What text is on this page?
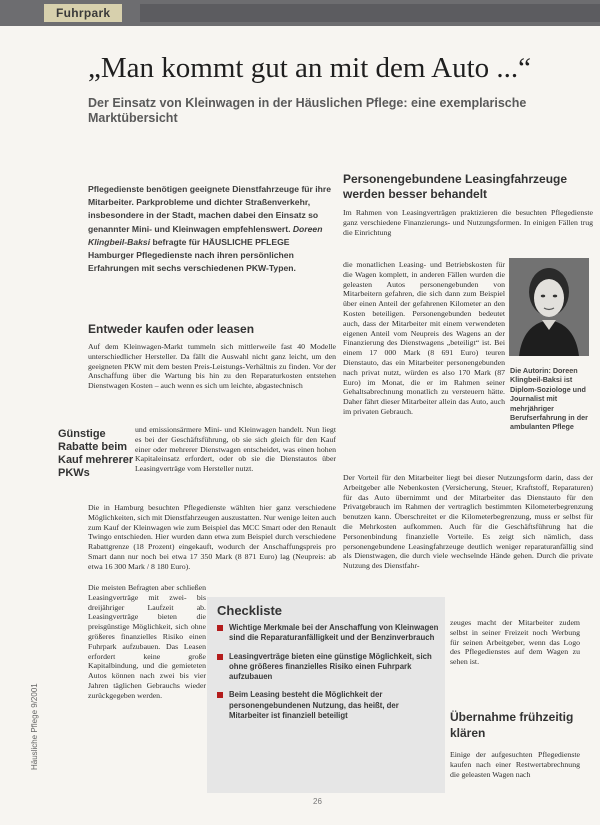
Fuhrpark
„Man kommt gut an mit dem Auto ...“
Der Einsatz von Kleinwagen in der Häuslichen Pflege: eine exemplarische Marktübersicht

Pflegedienste benötigen geeignete Dienstfahrzeuge für ihre Mitarbeiter. Parkprobleme und dichter Straßenverkehr, insbesondere in der Stadt, machen dabei den Einsatz so genannter Mini- und Kleinwagen empfehlenswert. Doreen Klingbeil-Baksi befragte für HÄUSLICHE PFLEGE Hamburger Pflegedienste nach ihren persönlichen Erfahrungen mit sechs verschiedenen PKW-Typen.

Entweder kaufen oder leasen

Auf dem Kleinwagen-Markt tummeln sich mittlerweile fast 40 Modelle unterschiedlicher Hersteller. Da fällt die Auswahl nicht ganz leicht, um den geeigneten PKW mit dem besten Preis-Leistungs-Verhältnis zu finden. Vor der Anschaffung über die Wartung bis hin zu den Reparaturkosten entstehen Dienstwagen Kosten – auch wenn es sich um leichte, abgastechnisch

und emissionsärmere Mini- und Kleinwagen handelt. Nun liegt es bei der Geschäftsführung, ob sie sich gleich für den Kauf einer oder mehrerer Dienstwagen entscheidet, was einen hohen Kapitaleinsatz erfordert, oder ob sie die Dienstautos über Leasingverträge vom Hersteller nutzt.

Die in Hamburg besuchten Pflegedienste wählten hier ganz verschiedene Möglichkeiten, sich mit Dienstfahrzeugen auszustatten. Nur wenige leiten auch zum Kauf der Kleinwagen wie zum Beispiel das MCC Smart oder den Renault Twingo entschieden. Hier wurden dann etwa zum Beispiel durch verschiedene Rabattgrenze (18 Prozent) eingekauft, wodurch der Anschaffungspreis pro Smart dann nur noch bei etwa 17 350 Mark (8 871 Euro) lag (Neupreis: ab etwa 16 300 Mark / 8 180 Euro).

Die meisten Befragten aber schließen Leasingverträge mit zwei- bis dreijähriger Laufzeit ab. Leasingverträge bieten die preisgünstige Möglichkeit, sich ohne größeres finanzielles Risiko einen Fuhrpark aufzubauen. Das Leasen erfordert keine große Kapitalbindung, und die gemieteten Autos können nach zwei bis vier Jahren täglichen Gebrauchs wieder zurückgegeben werden.

Günstige Rabatte beim Kauf mehrerer PKWs
Häusliche Pflege 9/2001
Personengebundene Leasingfahrzeuge werden besser behandelt

Im Rahmen von Leasingverträgen praktizieren die besuchten Pflegedienste ganz verschiedene Finanzierungs- und Nutzungsformen. In einigen Fällen trug die Einrichtung

die monatlichen Leasing- und Betriebskosten für die Wagen komplett, in anderen Fällen wurden die geleasten Autos personengebunden von Mitarbeitern gefahren, die sich dann zum Beispiel über einen Anteil der gefahrenen Kilometer an den Kosten beteiligen. Personengebunden bedeutet auch, dass der Mitarbeiter mit einem verwendeten eigenen Anteil vom Neupreis des Wagens an der Finanzierung des Dienstwagens „beteiligt“ ist. Bei einem 17 000 Mark (8 691 Euro) teuren Dienstauto, das ein Mitarbeiter personengebunden nach privat nutzt, würden es also 170 Mark (87 Euro) im Monat, die er im Rahmen seiner Gehaltsabrechnung monatlich zu versteuern hätte. Daher fährt dieser Mitarbeiter allein das Auto, auch im privaten Gebrauch.

Der Vorteil für den Mitarbeiter liegt bei dieser Nutzungsform darin, dass der Arbeitgeber alle Nebenkosten (Versicherung, Steuer, Kraftstoff, Reparaturen) für das Auto übernimmt und der Mitarbeiter das Dienstauto für den Privatgebrauch im Rahmen der vertraglich bestimmten Kilometerbegrenzung benutzen kann. Überschreitet er die Kilometerbegrenzung, muss er selbst für die Mehrkosten aufkommen. Auch für die Geschäftsführung hat die Personenbindung finanzielle Vorteile. Es zeigt sich nämlich, dass personengebundene Leasingfahrzeuge deutlich weniger reparaturanfällig sind als Dienstwagen, die durch viele wechselnde Hände gehen. Durch die private Nutzung des Dienstfahr-

zeuges macht der Mitarbeiter zudem selbst in seiner Freizeit noch Werbung für seinen Arbeitgeber, wenn das Logo des Pflegedienstes auf dem Wagen zu sehen ist.

Die Autorin: Doreen Klingbeil-Baksi ist Diplom-Soziologe und Journalist mit mehrjähriger Berufserfahrung in der ambulanten Pflege

Checkliste
Wichtige Merkmale bei der Anschaffung von Kleinwagen sind die Reparaturanfälligkeit und der Benzinverbrauch
Leasingverträge bieten eine günstige Möglichkeit, sich ohne größeres finanzielles Risiko einen Fuhrpark aufzubauen
Beim Leasing besteht die Möglichkeit der personengebundenen Nutzung, das heißt, der Mitarbeiter ist finanziell beteiligt	Übernahme frühzeitig klären

Einige der aufgesuchten Pflegedienste kaufen nach einer Restwertabrechnung die geleasten Wagen nach

26
